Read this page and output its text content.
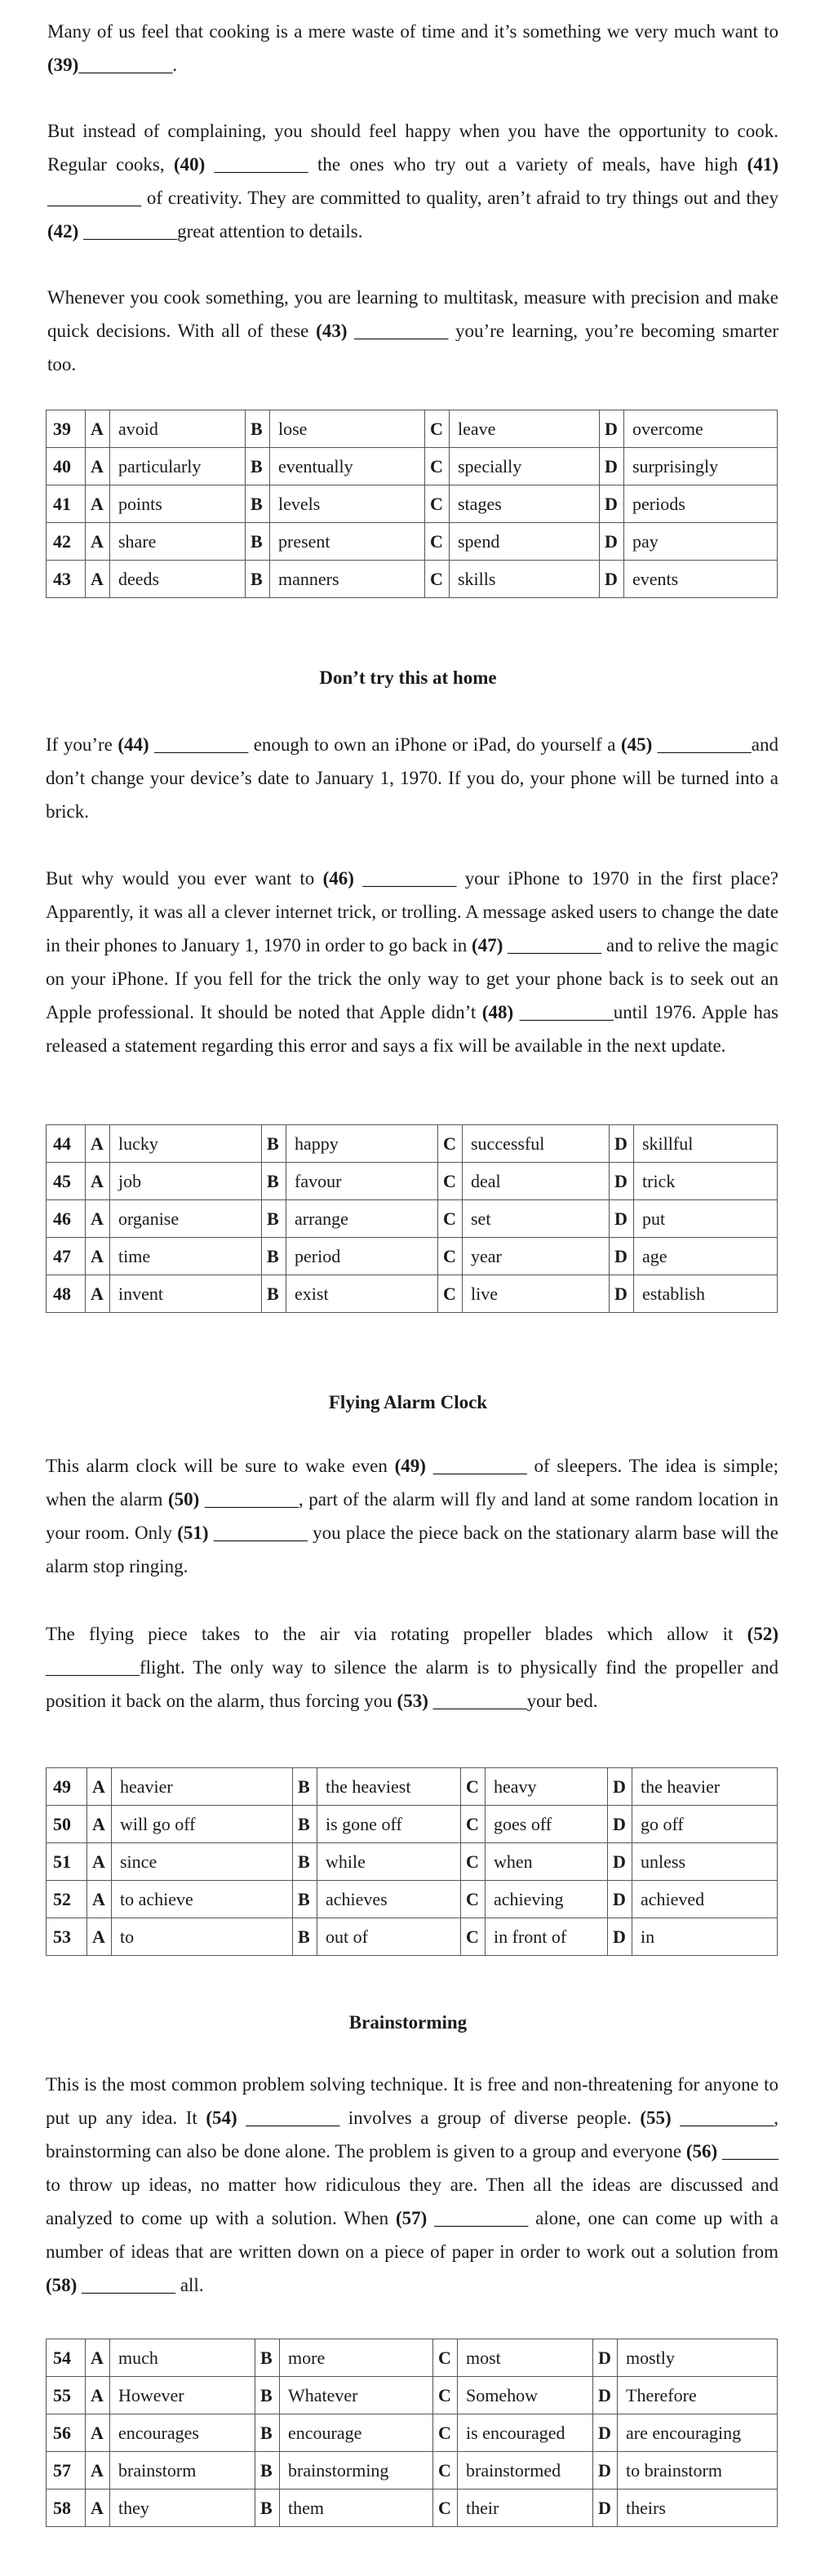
Many of us feel that cooking is a mere waste of time and it’s something we very much want to (39)__________.

But instead of complaining, you should feel happy when you have the opportunity to cook. Regular cooks, (40) __________ the ones who try out a variety of meals, have high (41) __________ of creativity. They are committed to quality, aren’t afraid to try things out and they (42) __________great attention to details.

Whenever you cook something, you are learning to multitask, measure with precision and make quick decisions. With all of these (43) __________ you’re learning, you’re becoming smarter too.

39	A	avoid	B	lose	C	leave	D	overcome
40	A	particularly	B	eventually	C	specially	D	surprisingly
41	A	points	B	levels	C	stages	D	periods
42	A	share	B	present	C	spend	D	pay
43	A	deeds	B	manners	C	skills	D	events

Don’t try this at home

If you’re (44) __________ enough to own an iPhone or iPad, do yourself a (45) __________and don’t change your device’s date to January 1, 1970. If you do, your phone will be turned into a brick.

But why would you ever want to (46) __________ your iPhone to 1970 in the first place? Apparently, it was all a clever internet trick, or trolling. A message asked users to change the date in their phones to January 1, 1970 in order to go back in (47) __________ and to relive the magic on your iPhone. If you fell for the trick the only way to get your phone back is to seek out an Apple professional. It should be noted that Apple didn’t (48) __________until 1976. Apple has released a statement regarding this error and says a fix will be available in the next update.

44	A	lucky	B	happy	C	successful	D	skillful
45	A	job	B	favour	C	deal	D	trick
46	A	organise	B	arrange	C	set	D	put
47	A	time	B	period	C	year	D	age
48	A	invent	B	exist	C	live	D	establish

Flying Alarm Clock

This alarm clock will be sure to wake even (49) __________ of sleepers. The idea is simple; when the alarm (50) __________, part of the alarm will fly and land at some random location in your room. Only (51) __________ you place the piece back on the stationary alarm base will the alarm stop ringing.

The flying piece takes to the air via rotating propeller blades which allow it (52) __________flight. The only way to silence the alarm is to physically find the propeller and position it back on the alarm, thus forcing you (53) __________your bed.

49	A	heavier	B	the heaviest	C	heavy	D	the heavier
50	A	will go off	B	is gone off	C	goes off	D	go off
51	A	since	B	while	C	when	D	unless
52	A	to achieve	B	achieves	C	achieving	D	achieved
53	A	to	B	out of	C	in front of	D	in

Brainstorming

This is the most common problem solving technique. It is free and non-threatening for anyone to put up any idea. It (54) __________ involves a group of diverse people. (55) __________, brainstorming can also be done alone. The problem is given to a group and everyone (56) ______ to throw up ideas, no matter how ridiculous they are. Then all the ideas are discussed and analyzed to come up with a solution. When (57) __________ alone, one can come up with a number of ideas that are written down on a piece of paper in order to work out a solution from (58) __________ all.

54	A	much	B	more	C	most	D	mostly
55	A	However	B	Whatever	C	Somehow	D	Therefore
56	A	encourages	B	encourage	C	is encouraged	D	are encouraging
57	A	brainstorm	B	brainstorming	C	brainstormed	D	to brainstorm
58	A	they	B	them	C	their	D	theirs
